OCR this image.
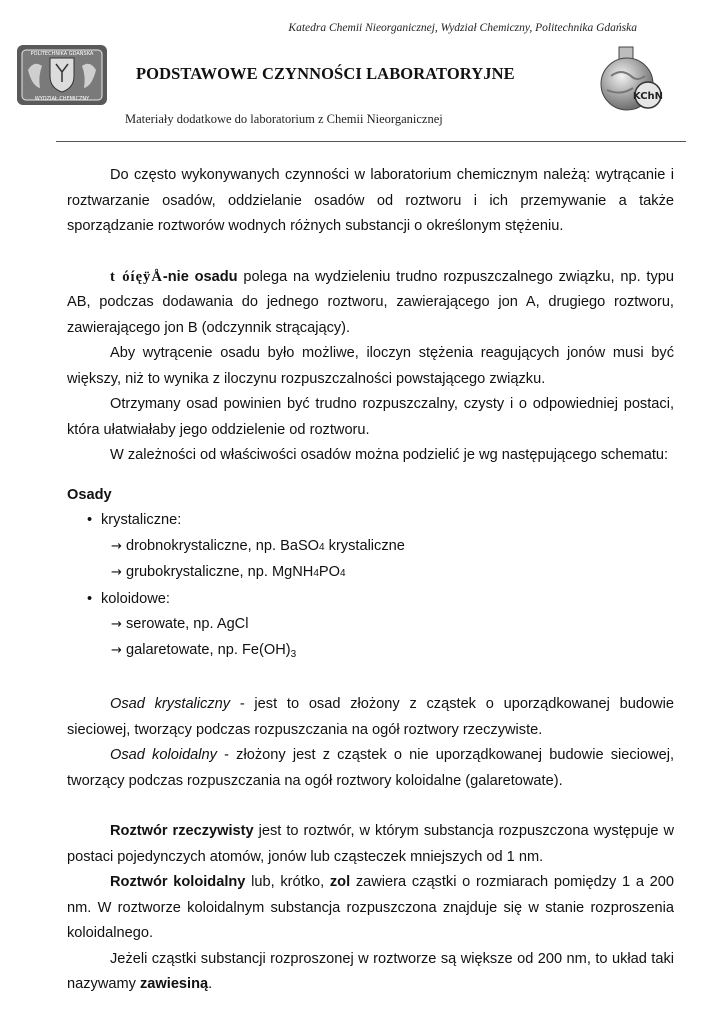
Katedra Chemii Nieorganicznej, Wydział Chemiczny, Politechnika Gdańska
POLITECHNIKA GDAŃSKA
WYDZIAŁ CHEMICZNY
PODSTAWOWE CZYNNOŚCI LABORATORYJNE
KChN
Materiały dodatkowe do laboratorium z Chemii Nieorganicznej

Do często wykonywanych czynności w laboratorium chemicznym należą: wytrącanie i roztwarzanie osadów, oddzielanie osadów od roztworu i ich przemywanie a także sporządzanie roztworów wodnych różnych substancji o określonym stężeniu.

t óíęÿÅ-nie osadu polega na wydzieleniu trudno rozpuszczalnego związku, np. typu AB, podczas dodawania do jednego roztworu, zawierającego jon A, drugiego roztworu, zawierającego jon B (odczynnik strącający).

Aby wytrącenie osadu było możliwe, iloczyn stężenia reagujących jonów musi być większy, niż to wynika z iloczynu rozpuszczalności powstającego związku.

Otrzymany osad powinien być trudno rozpuszczalny, czysty i o odpowiedniej postaci, która ułatwiałaby jego oddzielenie od roztworu.

W zależności od właściwości osadów można podzielić je wg następującego schematu:

Osady
• krystaliczne:
→ drobnokrystaliczne, np. BaSO4 krystaliczne
→ grubokrystaliczne, np. MgNH4PO4
• koloidowe:
→ serowate, np. AgCl
→ galaretowate, np. $Fe(OH)_3$

Osad krystaliczny - jest to osad złożony z cząstek o uporządkowanej budowie sieciowej, tworzący podczas rozpuszczania na ogół roztwory rzeczywiste.

Osad koloidalny - złożony jest z cząstek o nie uporządkowanej budowie sieciowej, tworzący podczas rozpuszczania na ogół roztwory koloidalne (galaretowate).

Roztwór rzeczywisty jest to roztwór, w którym substancja rozpuszczona występuje w postaci pojedynczych atomów, jonów lub cząsteczek mniejszych od 1 nm.

Roztwór koloidalny lub, krótko, zol zawiera cząstki o rozmiarach pomiędzy 1 a 200 nm. W roztworze koloidalnym substancja rozpuszczona znajduje się w stanie rozproszenia koloidalnego.

Jeżeli cząstki substancji rozproszonej w roztworze są większe od 200 nm, to układ taki nazywamy zawiesiną.
